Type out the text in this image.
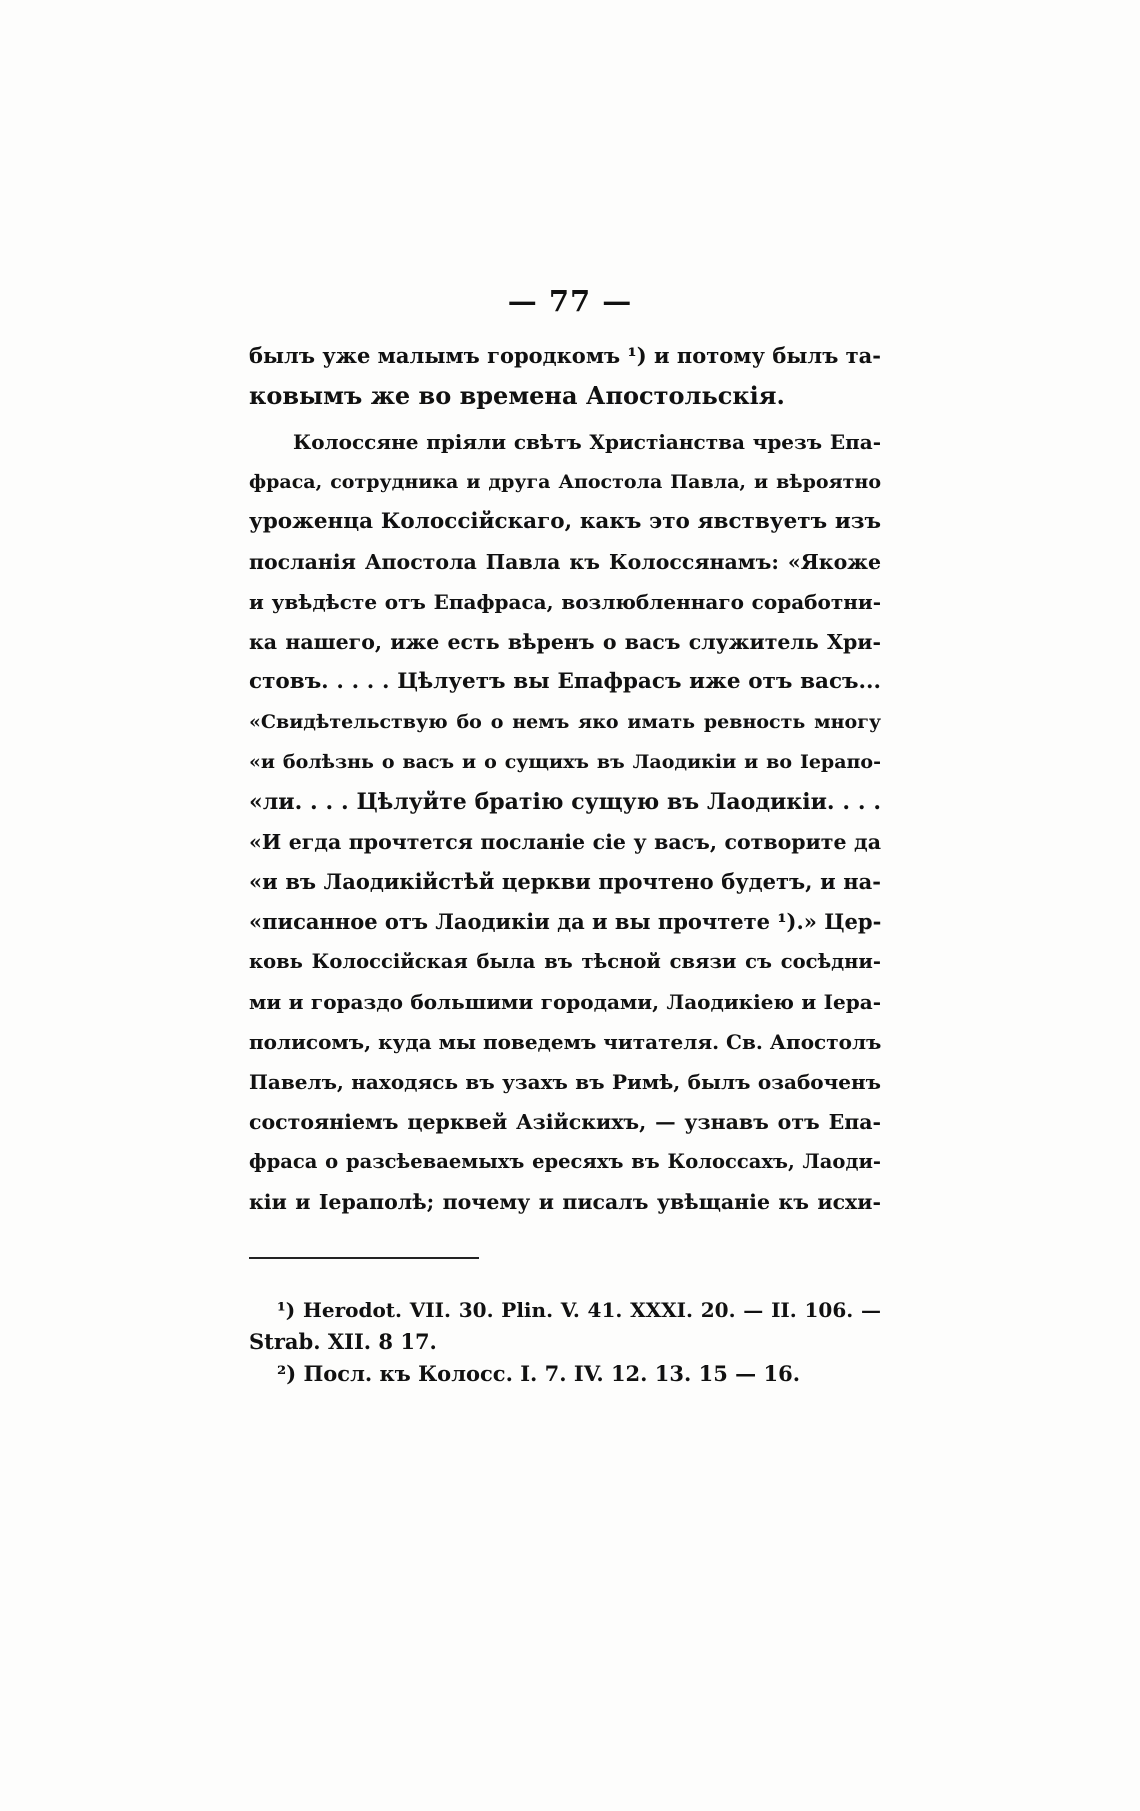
— 77 —
былъ уже малымъ городкомъ ¹) и потому былъ та-
ковымъ же во времена Апостольскія.
Колоссяне пріяли свѣтъ Христіанства чрезъ Епа-
фраса, сотрудника и друга Апостола Павла, и вѣроятно
уроженца Колоссійскаго, какъ это явствуетъ изъ
посланія Апостола Павла къ Колоссянамъ: «Якоже
и увѣдѣсте отъ Епафраса, возлюбленнаго соработни-
ка нашего, иже есть вѣренъ о васъ служитель Хри-
стовъ. . . . . Цѣлуетъ вы Епафрасъ иже отъ васъ...
«Свидѣтельствую бо о немъ яко имать ревность многу
«и болѣзнь о васъ и о сущихъ въ Лаодикіи и во Іерапо-
«ли. . . . Цѣлуйте братію сущую въ Лаодикіи. . . .
«И егда прочтется посланіе сіе у васъ, сотворите да
«и въ Лаодикійстѣй церкви прочтено будетъ, и на-
«писанное отъ Лаодикіи да и вы прочтете ¹).» Цер-
ковь Колоссійская была въ тѣсной связи съ сосѣдни-
ми и гораздо большими городами, Лаодикіею и Іера-
полисомъ, куда мы поведемъ читателя. Св. Апостолъ
Павелъ, находясь въ узахъ въ Римѣ, былъ озабоченъ
состояніемъ церквей Азійскихъ, — узнавъ отъ Епа-
фраса о разсѣеваемыхъ ересяхъ въ Колоссахъ, Лаоди-
кіи и Іераполѣ; почему и писалъ увѣщаніе къ исхи-
¹) Herodot. VII. 30. Plin. V. 41. XXXI. 20. — II. 106. —
Strab. XII. 8 17.
²) Посл. къ Колосс. I. 7. IV. 12. 13. 15 — 16.
